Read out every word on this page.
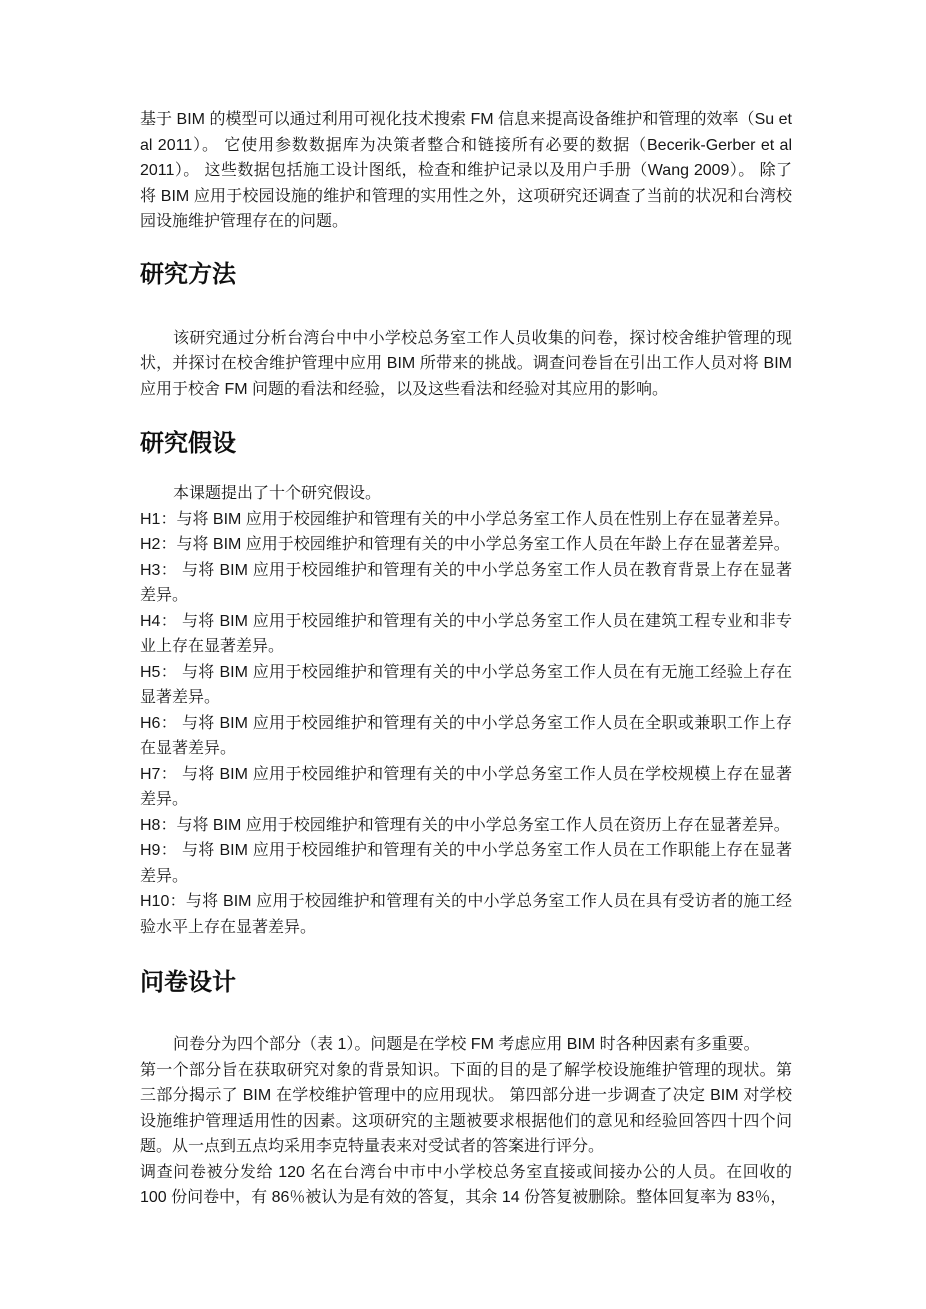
基于 BIM 的模型可以通过利用可视化技术搜索 FM 信息来提高设备维护和管理的效率（Su et al 2011）。 它使用参数数据库为决策者整合和链接所有必要的数据（Becerik-Gerber et al 2011）。 这些数据包括施工设计图纸，检查和维护记录以及用户手册（Wang 2009）。 除了将 BIM 应用于校园设施的维护和管理的实用性之外，这项研究还调查了当前的状况和台湾校园设施维护管理存在的问题。

研究方法

该研究通过分析台湾台中中小学校总务室工作人员收集的问卷，探讨校舍维护管理的现状，并探讨在校舍维护管理中应用 BIM 所带来的挑战。调查问卷旨在引出工作人员对将 BIM 应用于校舍 FM 问题的看法和经验，以及这些看法和经验对其应用的影响。

研究假设

本课题提出了十个研究假设。

H1：与将 BIM 应用于校园维护和管理有关的中小学总务室工作人员在性别上存在显著差异。

H2：与将 BIM 应用于校园维护和管理有关的中小学总务室工作人员在年龄上存在显著差异。

H3： 与将 BIM 应用于校园维护和管理有关的中小学总务室工作人员在教育背景上存在显著差异。

H4： 与将 BIM 应用于校园维护和管理有关的中小学总务室工作人员在建筑工程专业和非专业上存在显著差异。

H5： 与将 BIM 应用于校园维护和管理有关的中小学总务室工作人员在有无施工经验上存在显著差异。

H6： 与将 BIM 应用于校园维护和管理有关的中小学总务室工作人员在全职或兼职工作上存在显著差异。

H7： 与将 BIM 应用于校园维护和管理有关的中小学总务室工作人员在学校规模上存在显著差异。

H8：与将 BIM 应用于校园维护和管理有关的中小学总务室工作人员在资历上存在显著差异。

H9： 与将 BIM 应用于校园维护和管理有关的中小学总务室工作人员在工作职能上存在显著差异。

H10：与将 BIM 应用于校园维护和管理有关的中小学总务室工作人员在具有受访者的施工经验水平上存在显著差异。

问卷设计

问卷分为四个部分（表 1）。问题是在学校 FM 考虑应用 BIM 时各种因素有多重要。

第一个部分旨在获取研究对象的背景知识。下面的目的是了解学校设施维护管理的现状。第三部分揭示了 BIM 在学校维护管理中的应用现状。 第四部分进一步调查了决定 BIM 对学校设施维护管理适用性的因素。这项研究的主题被要求根据他们的意见和经验回答四十四个问题。从一点到五点均采用李克特量表来对受试者的答案进行评分。

调查问卷被分发给 120 名在台湾台中市中小学校总务室直接或间接办公的人员。在回收的 100 份问卷中，有 86％被认为是有效的答复，其余 14 份答复被删除。整体回复率为 83％，
